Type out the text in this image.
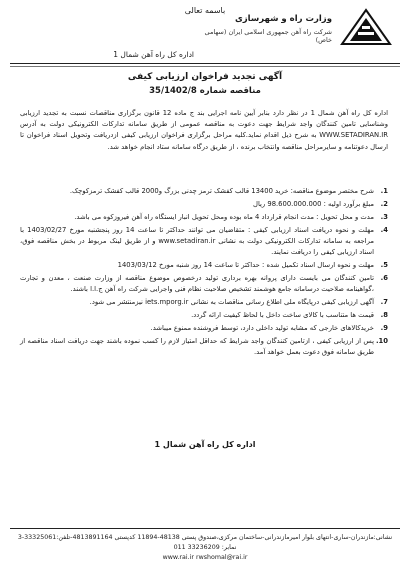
باسمه تعالی
وزارت راه و شهرسازی
شرکت راه آهن جمهوری اسلامی ایران (سهامی خاص)
اداره کل راه آهن شمال 1
آگهی تجدید فراخوان ارزیابی کیفی
مناقصه شماره 35/1402/8
اداره کل راه آهن شمال 1 در نظر دارد بنابر آیین نامه اجرایی بند ج ماده 12 قانون برگزاری مناقصات نسبت به تجدید ارزیابی وشناسایی تامین کنندگان واجد شرایط جهت دعوت به مناقصه عمومی از طریق سامانه تدارکات الکترونیکی دولت به آدرس WWW.SETADIRAN.IR به شرح ذیل اقدام نماید.کلیه مراحل برگزاری فراخوان ارزیابی کیفی ازدریافت وتحویل اسناد فراخوان تا ارسال دعوتنامه و سایرمراحل مناقصه وانتخاب برنده ، از طریق درگاه سامانه ستاد انجام خواهد شد.
1.
شرح مختصر موضوع مناقصه: خرید 13400 قالب کفشک ترمز چدنی بزرگ و2000 قالب کفشک ترمزکوچک.
2.
مبلغ برآورد اولیه : 98.600.000.000 ریال
3.
مدت و محل تحویل : مدت انجام قرارداد 4 ماه بوده ومحل تحویل انبار ایستگاه راه آهن فیروزکوه می باشد.
4.
مهلت و نحوه دریافت اسناد ارزیابی کیفی : متقاضیان می توانند حداکثر تا ساعت 14 روز پنجشنبه مورخ 1403/02/27 با مراجعه به سامانه تدارکات الکترونیکی دولت به نشانی www.setadiran.ir و از طریق لینک مربوط در بخش مناقصه فوق، اسناد ارزیابی کیفی را دریافت نمایند.
5.
مهلت و نحوه ارسال اسناد تکمیل شده : حداکثر تا ساعت 14 روز شنبه مورخ 1403/03/12
6.
تامین کنندگان می بایست دارای پروانه بهره برداری تولید درخصوص موضوع مناقصه از وزارت صنعت ، معدن و تجارت ،گواهینامه صلاحیت درسامانه جامع هوشمند تشخیص صلاحیت نظام فنی واجرایی شرکت راه آهن ج.ا.ا باشند.
7.
آگهی ارزیابی کیفی درپایگاه ملی اطلاع رسانی مناقصات به نشانی iets.mporg.ir نیزمنتشر می شود.
8.
قیمت ها متناسب با کالای ساخت داخل با لحاظ کیفیت ارائه گردد.
9.
خریدکالاهای خارجی که مشابه تولید داخلی دارد، توسط فروشنده ممنوع میباشد.
10.
پس از ارزیابی کیفی ، ازتامین کنندگان واجد شرایط که حداقل امتیاز لازم را کسب نموده باشند جهت دریافت اسناد مناقصه از طریق سامانه فوق دعوت بعمل خواهد آمد.
اداره کل راه آهن شمال 1
نشانی:مازندران-ساری-انتهای بلوار امیرمازندرانی-ساختمان مرکزی،صندوق پستی 48138-11894 کدپستی 4813891164-تلفن:33325061-3 نمابر: 33236209 011
www.rai.ir rwshomal@rai.ir
